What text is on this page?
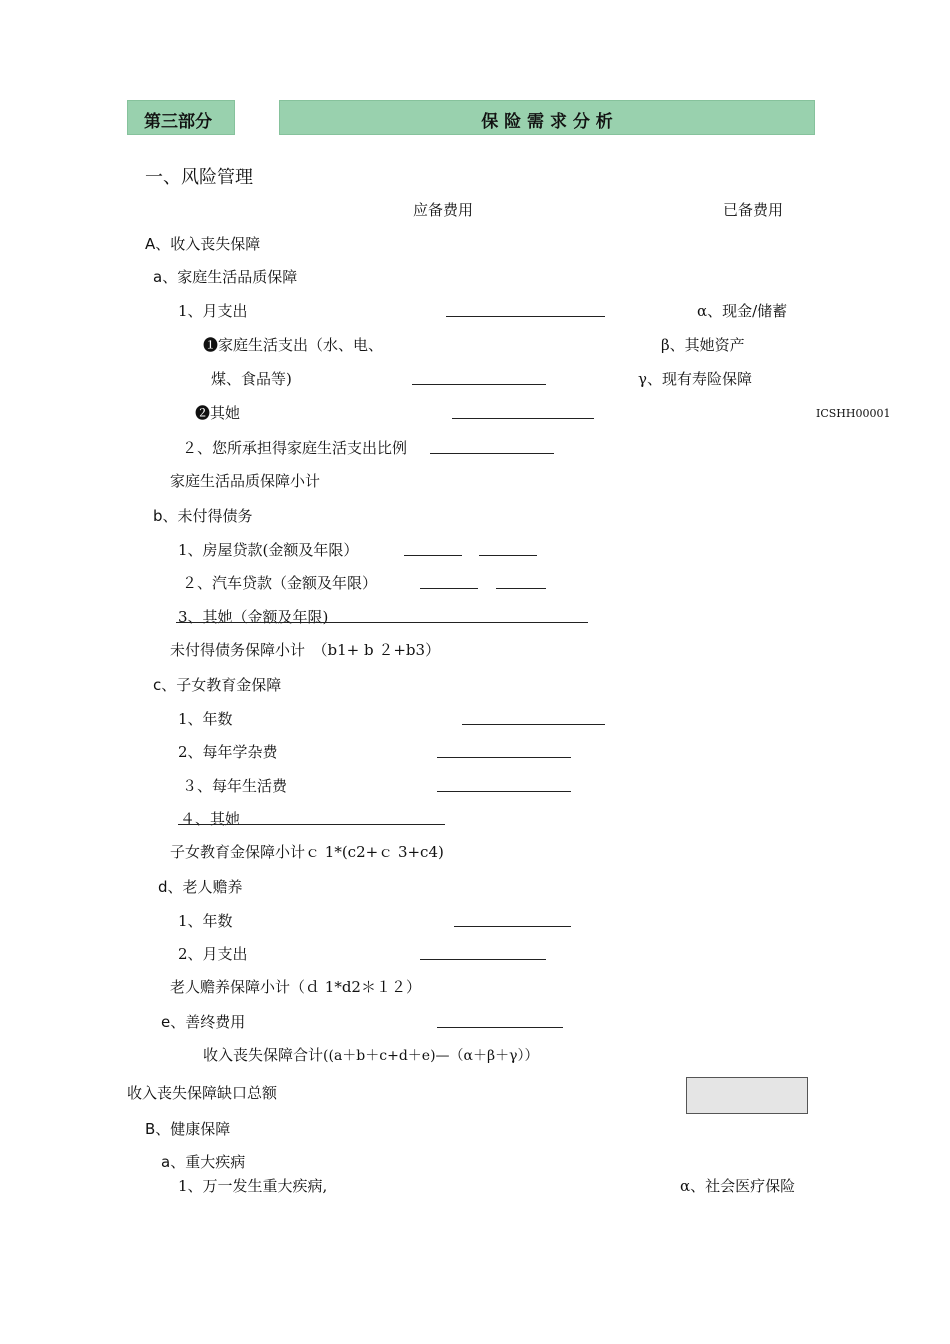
第三部分	保 险 需 求 分 析
一、风险管理
应备费用	已备费用
A、收入丧失保障
a、家庭生活品质保障
1、月支出	α、现金/储蓄
❶家庭生活支出（水、电、	β、其她资产
煤、食品等)	γ、现有寿险保障
❷其她	ICSHH00001
２、您所承担得家庭生活支出比例
家庭生活品质保障小计
b、未付得债务
1、房屋贷款(金额及年限）
２、汽车贷款（金额及年限）
3、其她（金额及年限)
未付得债务保障小计　（b1+ b ２+b3）
c、子女教育金保障
1、年数
2、每年学杂费
３、每年生活费
４、其她
子女教育金保障小计ｃ 1*(c2+ｃ 3+c4)
d、老人赡养
1、年数
2、月支出
老人赡养保障小计（ｄ 1*d2＊１２）
e、善终费用
收入丧失保障合计((a＋b＋c+d＋e)—（α＋β＋γ））
收入丧失保障缺口总额
B、健康保障
a、重大疾病
1、万一发生重大疾病,	α、社会医疗保险
